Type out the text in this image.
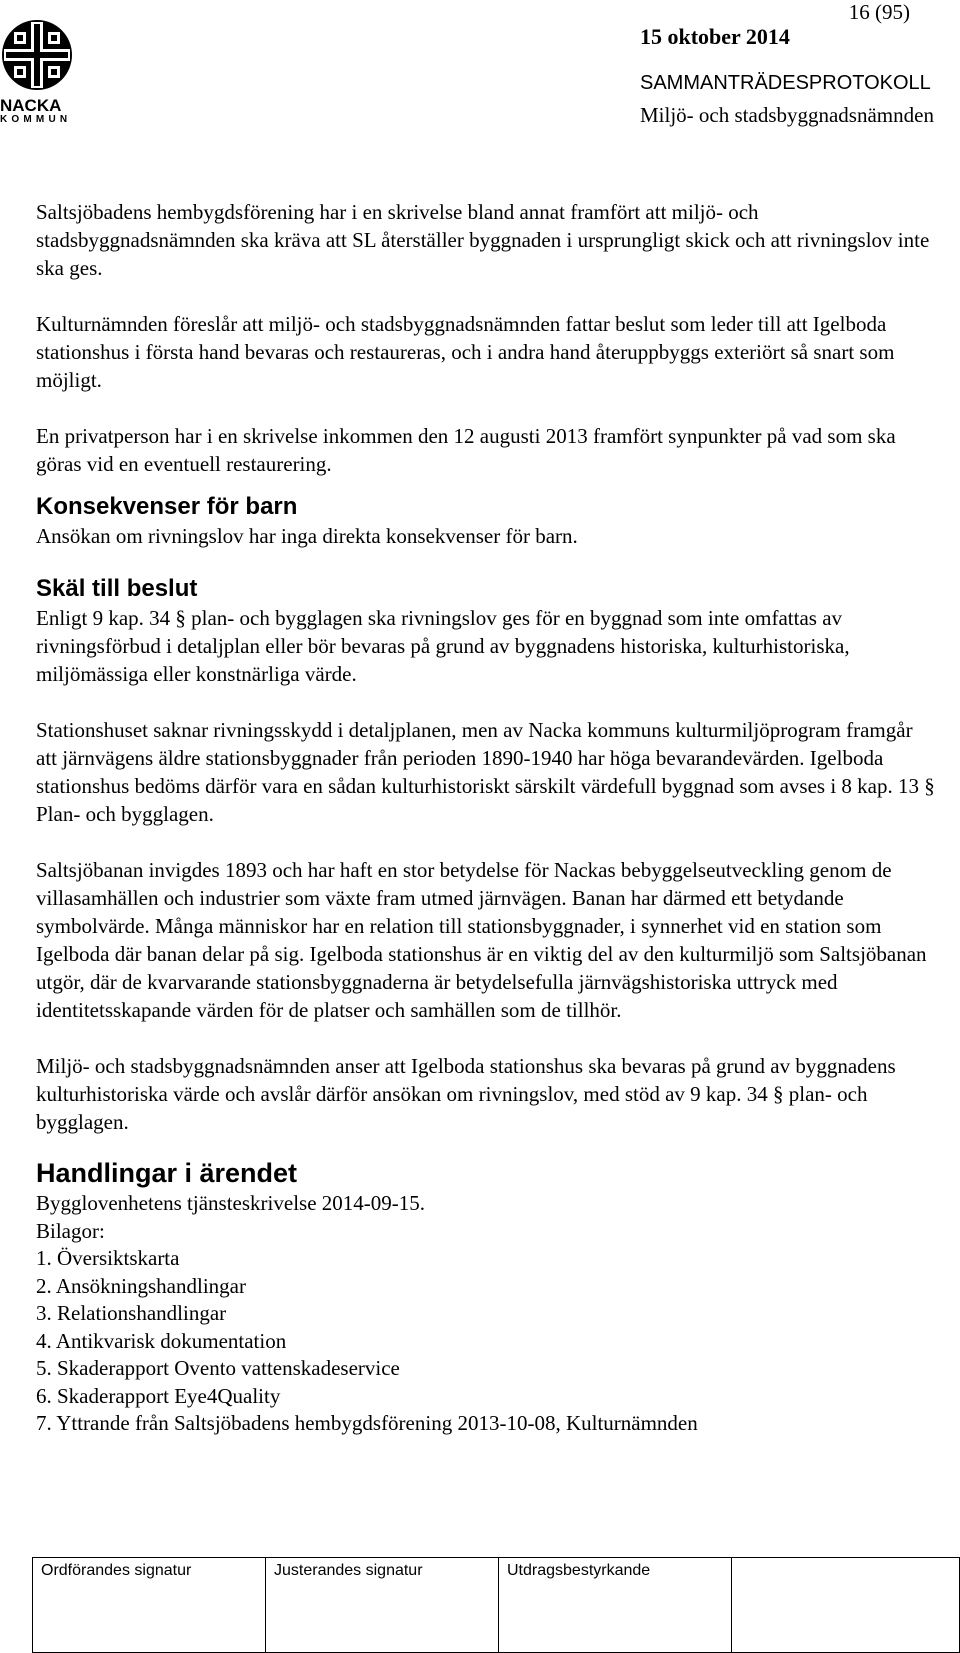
NACKA
KOMMUN
16 (95)
15 oktober 2014
SAMMANTRÄDESPROTOKOLL
Miljö- och stadsbyggnadsnämnden

Saltsjöbadens hembygdsförening har i en skrivelse bland annat framfört att miljö- och stadsbyggnadsnämnden ska kräva att SL återställer byggnaden i ursprungligt skick och att rivningslov inte ska ges.

Kulturnämnden föreslår att miljö- och stadsbyggnadsnämnden fattar beslut som leder till att Igelboda stationshus i första hand bevaras och restaureras, och i andra hand återuppbyggs exteriört så snart som möjligt.

En privatperson har i en skrivelse inkommen den 12 augusti 2013 framfört synpunkter på vad som ska göras vid en eventuell restaurering.

Konsekvenser för barn

Ansökan om rivningslov har inga direkta konsekvenser för barn.

Skäl till beslut

Enligt 9 kap. 34 § plan- och bygglagen ska rivningslov ges för en byggnad som inte omfattas av rivningsförbud i detaljplan eller bör bevaras på grund av byggnadens historiska, kulturhistoriska, miljömässiga eller konstnärliga värde.

Stationshuset saknar rivningsskydd i detaljplanen, men av Nacka kommuns kulturmiljöprogram framgår att järnvägens äldre stationsbyggnader från perioden 1890-1940 har höga bevarandevärden. Igelboda stationshus bedöms därför vara en sådan kulturhistoriskt särskilt värdefull byggnad som avses i 8 kap. 13 § Plan- och bygglagen.

Saltsjöbanan invigdes 1893 och har haft en stor betydelse för Nackas bebyggelseutveckling genom de villasamhällen och industrier som växte fram utmed järnvägen. Banan har därmed ett betydande symbolvärde. Många människor har en relation till stationsbyggnader, i synnerhet vid en station som Igelboda där banan delar på sig. Igelboda stationshus är en viktig del av den kulturmiljö som Saltsjöbanan utgör, där de kvarvarande stationsbyggnaderna är betydelsefulla järnvägshistoriska uttryck med identitetsskapande värden för de platser och samhällen som de tillhör.

Miljö- och stadsbyggnadsnämnden anser att Igelboda stationshus ska bevaras på grund av byggnadens kulturhistoriska värde och avslår därför ansökan om rivningslov, med stöd av 9 kap. 34 § plan- och bygglagen.

Handlingar i ärendet
Bygglovenhetens tjänsteskrivelse 2014-09-15.
Bilagor:
1. Översiktskarta
2. Ansökningshandlingar
3. Relationshandlingar
4. Antikvarisk dokumentation
5. Skaderapport Ovento vattenskadeservice
6. Skaderapport Eye4Quality
7. Yttrande från Saltsjöbadens hembygdsförening 2013-10-08, Kulturnämnden
Ordförandes signatur	Justerandes signatur	Utdragsbestyrkande	
